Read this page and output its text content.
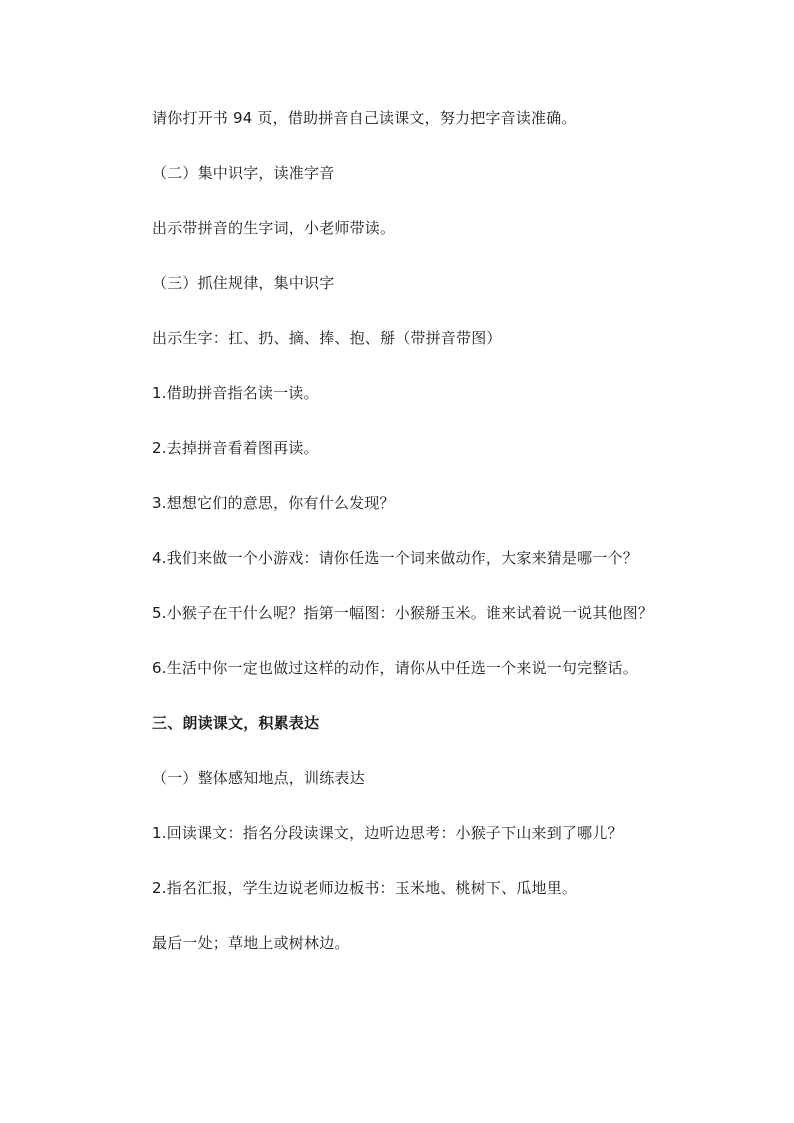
请你打开书 94 页，借助拼音自己读课文，努力把字音读准确。
（二）集中识字，读准字音
出示带拼音的生字词，小老师带读。
（三）抓住规律，集中识字
出示生字：扛、扔、摘、捧、抱、掰（带拼音带图）
1.借助拼音指名读一读。
2.去掉拼音看着图再读。
3.想想它们的意思，你有什么发现？
4.我们来做一个小游戏：请你任选一个词来做动作，大家来猜是哪一个？
5.小猴子在干什么呢？指第一幅图：小猴掰玉米。谁来试着说一说其他图？
6.生活中你一定也做过这样的动作，请你从中任选一个来说一句完整话。
三、朗读课文，积累表达
（一）整体感知地点，训练表达
1.回读课文：指名分段读课文，边听边思考：小猴子下山来到了哪儿？
2.指名汇报，学生边说老师边板书：玉米地、桃树下、瓜地里。
最后一处；草地上或树林边。
